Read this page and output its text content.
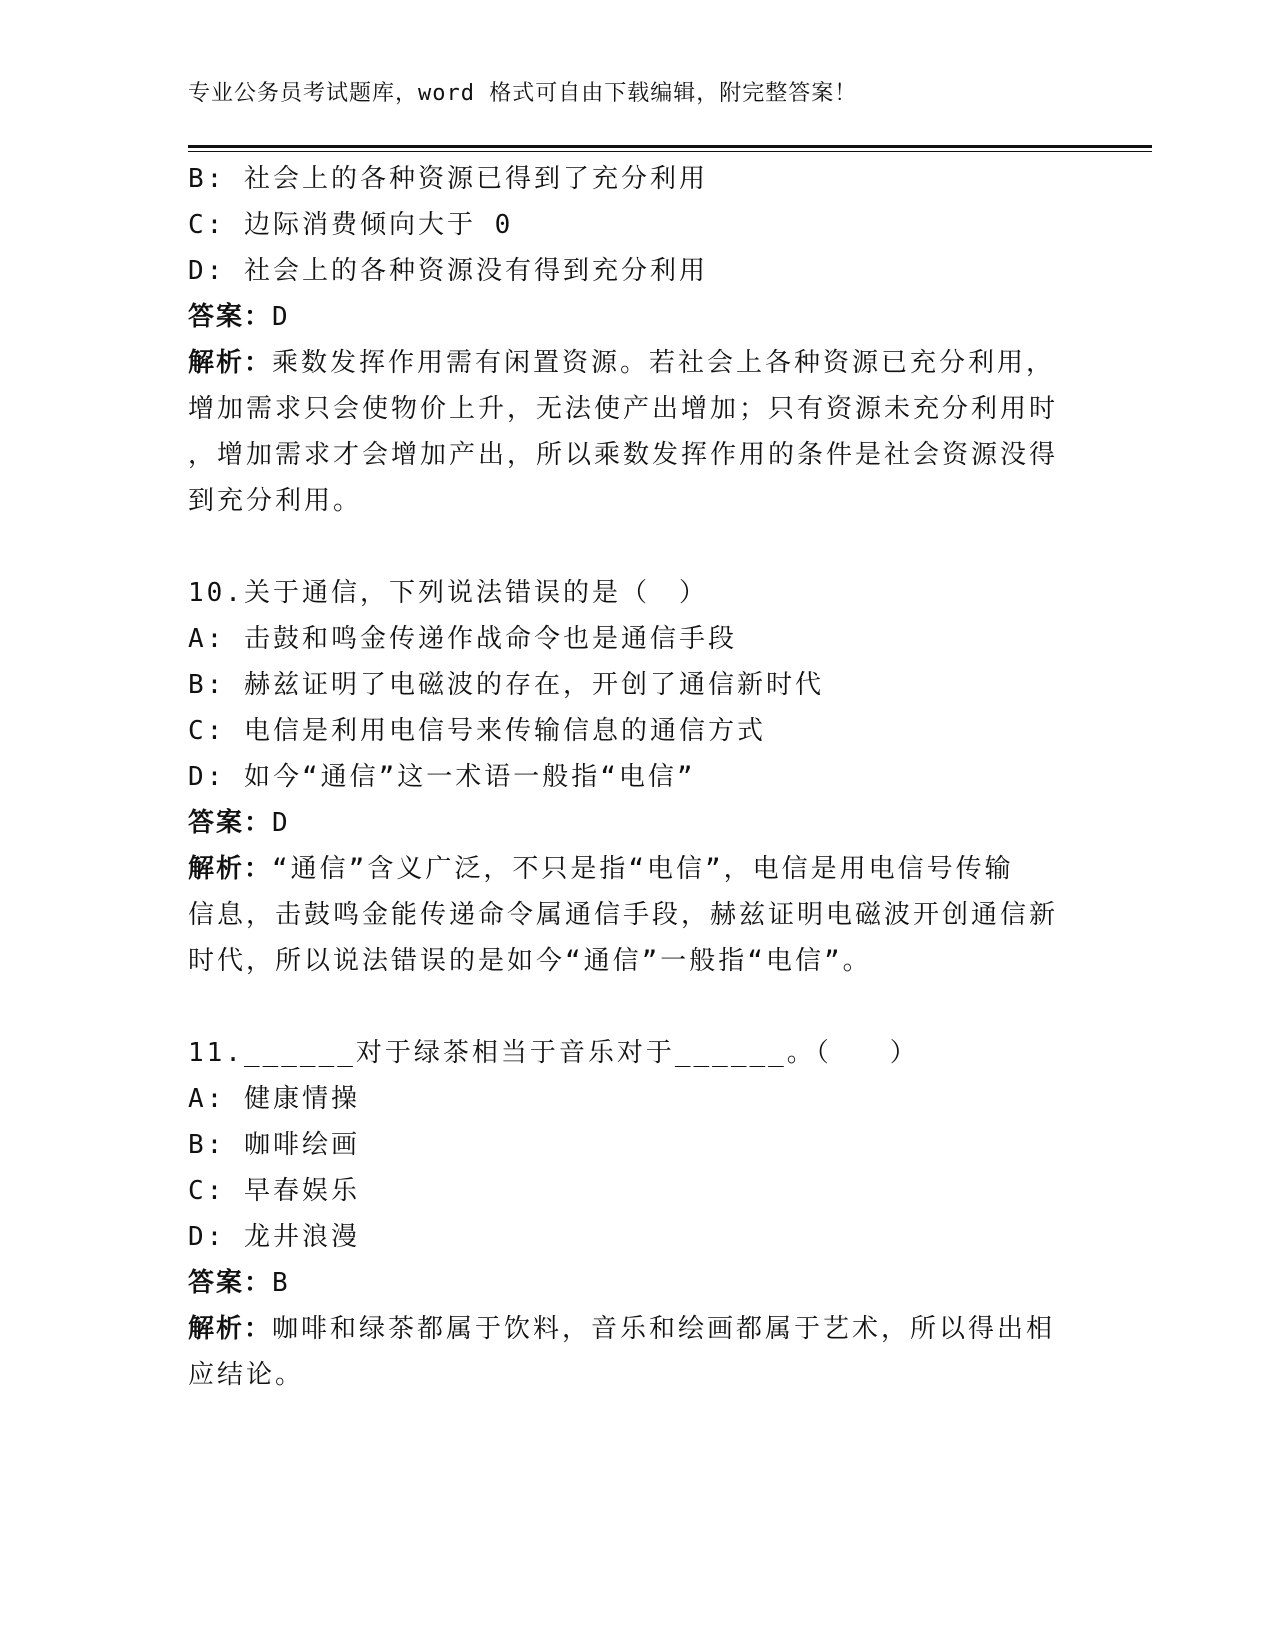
专业公务员考试题库，word 格式可自由下载编辑，附完整答案！
B: 社会上的各种资源已得到了充分利用
C: 边际消费倾向大于 0
D: 社会上的各种资源没有得到充分利用
答案：D
解析：乘数发挥作用需有闲置资源。若社会上各种资源已充分利用，
增加需求只会使物价上升，无法使产出增加；只有资源未充分利用时
，增加需求才会增加产出，所以乘数发挥作用的条件是社会资源没得
到充分利用。
10.关于通信，下列说法错误的是（　）
A: 击鼓和鸣金传递作战命令也是通信手段
B: 赫兹证明了电磁波的存在，开创了通信新时代
C: 电信是利用电信号来传输信息的通信方式
D: 如今“通信”这一术语一般指“电信”
答案：D
解析：“通信”含义广泛，不只是指“电信”，电信是用电信号传输
信息，击鼓鸣金能传递命令属通信手段，赫兹证明电磁波开创通信新
时代，所以说法错误的是如今“通信”一般指“电信”。
11.______对于绿茶相当于音乐对于______。（　　）
A: 健康情操
B: 咖啡绘画
C: 早春娱乐
D: 龙井浪漫
答案：B
解析：咖啡和绿茶都属于饮料，音乐和绘画都属于艺术，所以得出相
应结论。
